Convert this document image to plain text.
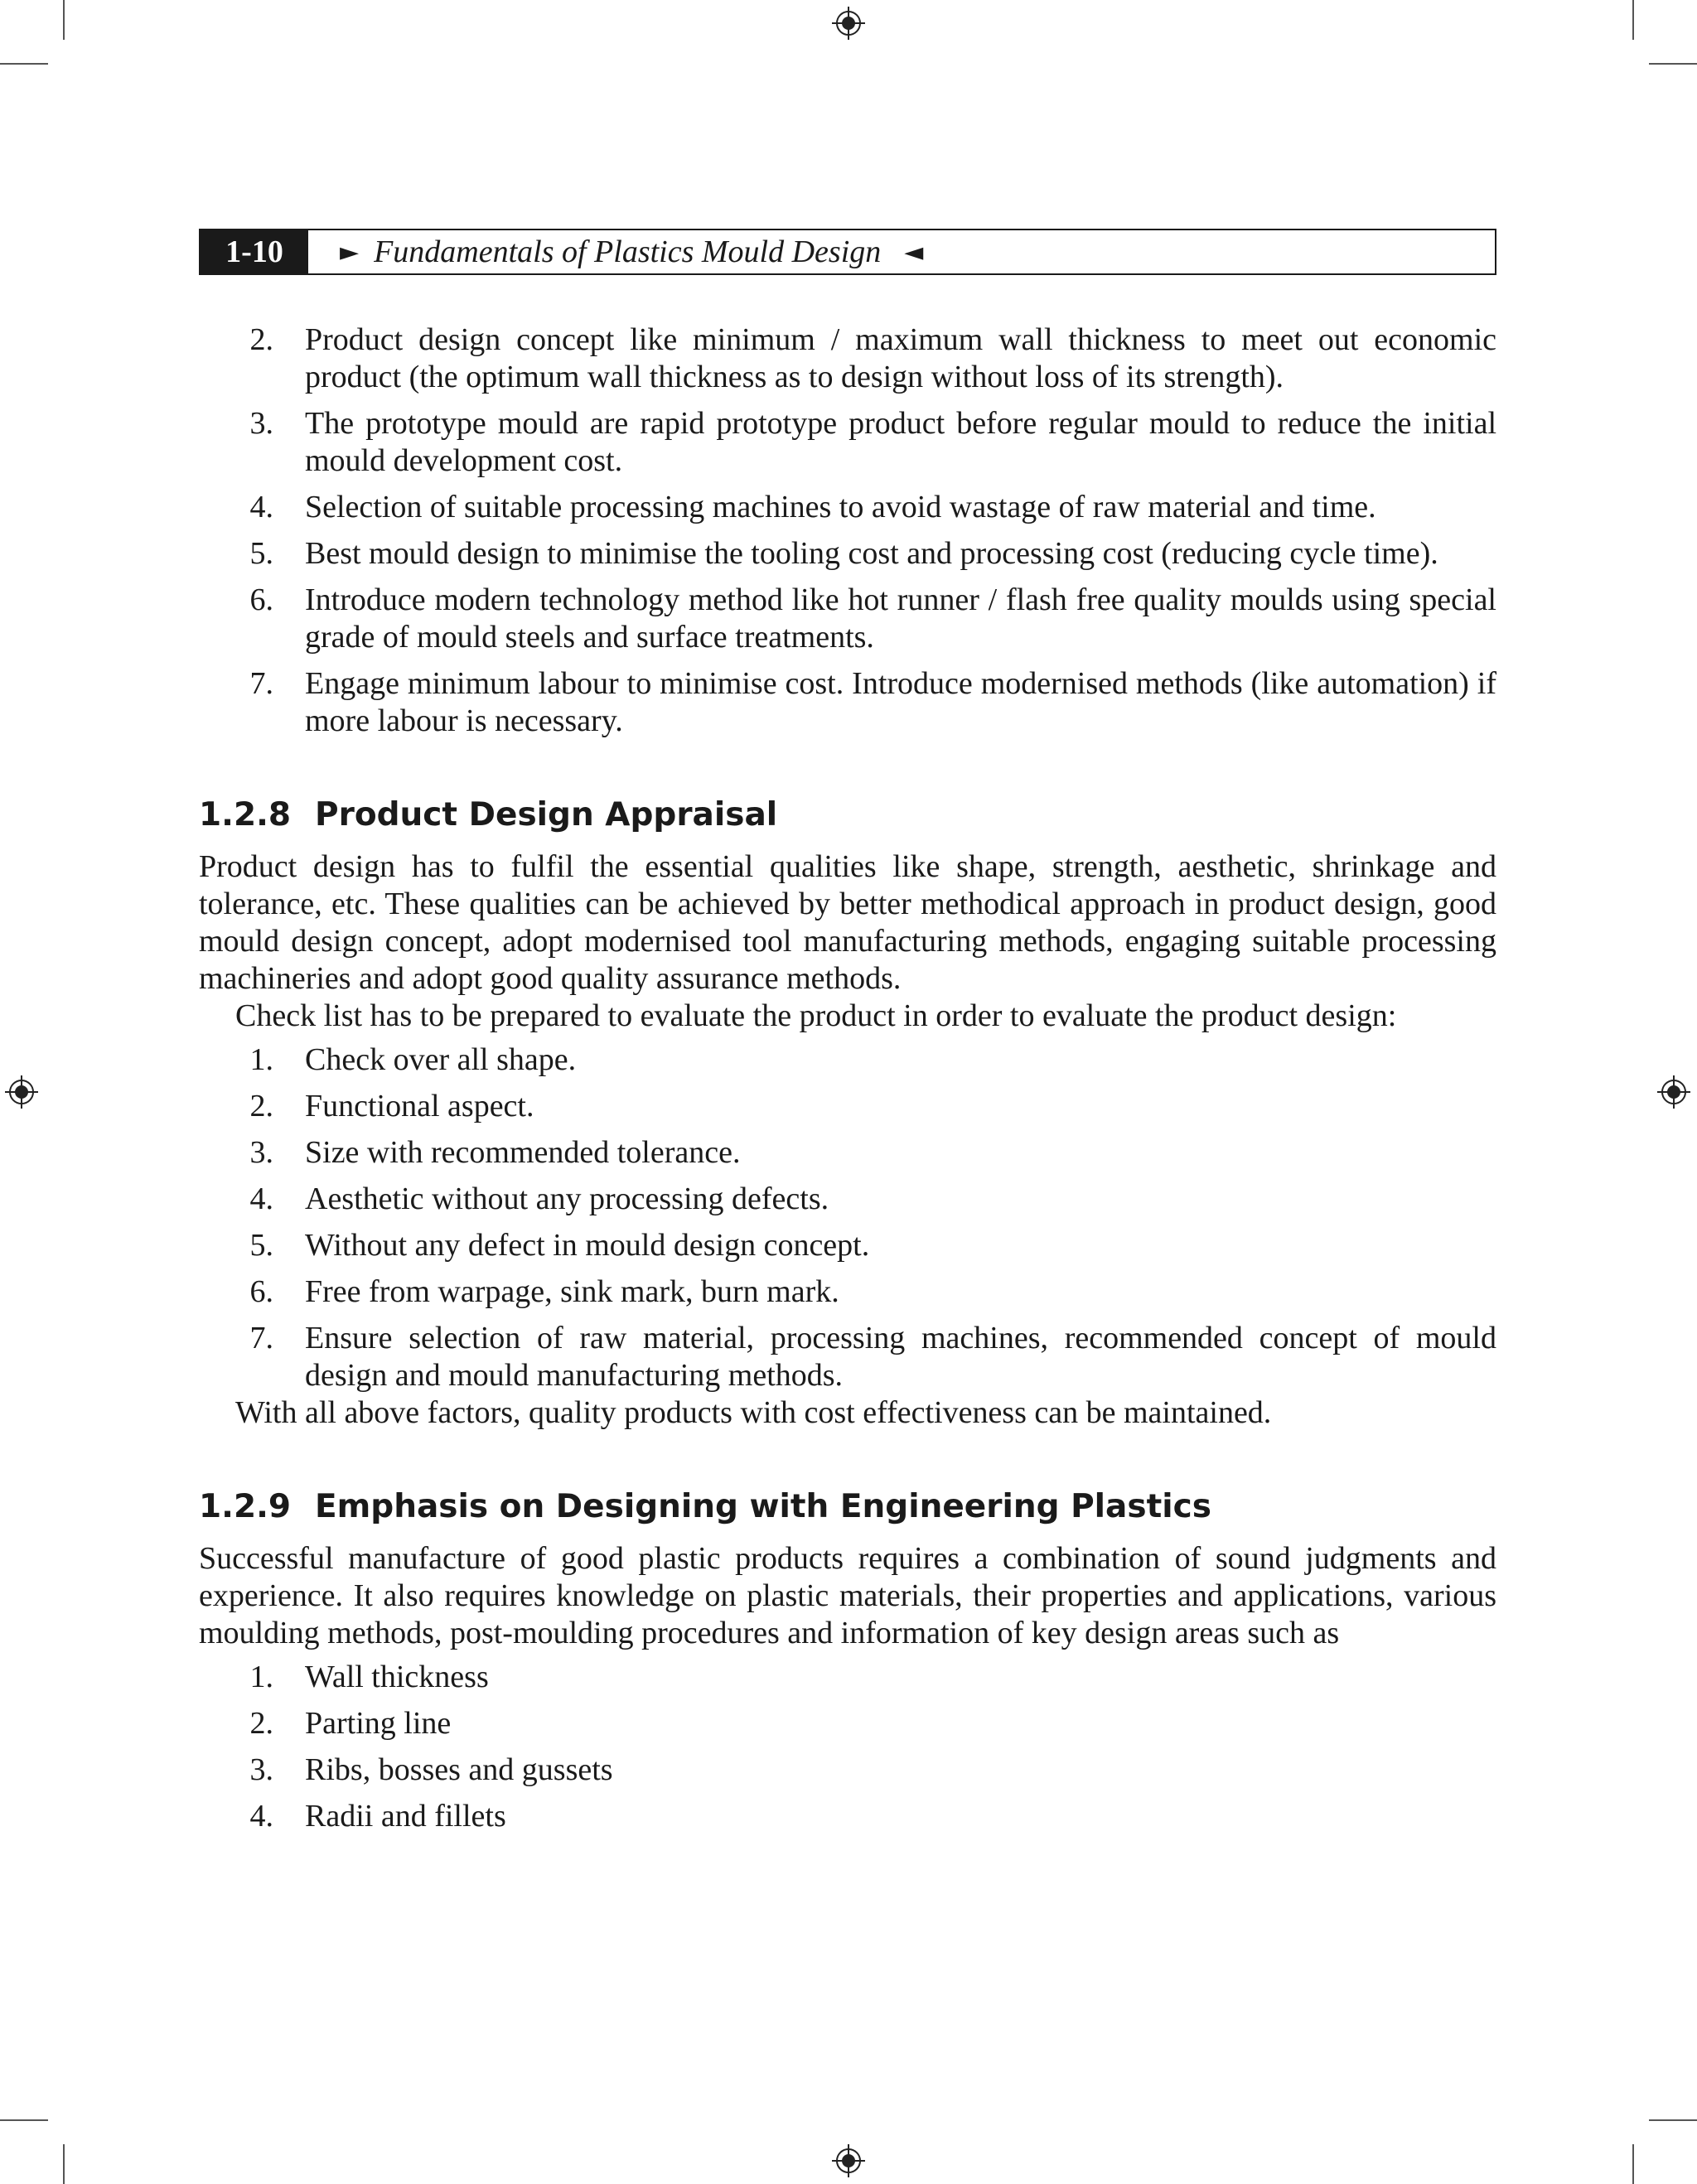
1-10	► Fundamentals of Plastics Mould Design ◄
2.	Product design concept like minimum / maximum wall thickness to meet out economic product (the optimum wall thickness as to design without loss of its strength).
3.	The prototype mould are rapid prototype product before regular mould to reduce the initial mould development cost.
4.	Selection of suitable processing machines to avoid wastage of raw material and time.
5.	Best mould design to minimise the tooling cost and processing cost (reducing cycle time).
6.	Introduce modern technology method like hot runner / flash free quality moulds using special grade of mould steels and surface treatments.
7.	Engage minimum labour to minimise cost. Introduce modernised methods (like automation) if more labour is necessary.
1.2.8 Product Design Appraisal

Product design has to fulfil the essential qualities like shape, strength, aesthetic, shrinkage and tolerance, etc. These qualities can be achieved by better methodical approach in product design, good mould design concept, adopt modernised tool manufacturing methods, engaging suitable processing machineries and adopt good quality assurance methods.

Check list has to be prepared to evaluate the product in order to evaluate the product design:

1.	Check over all shape.
2.	Functional aspect.
3.	Size with recommended tolerance.
4.	Aesthetic without any processing defects.
5.	Without any defect in mould design concept.
6.	Free from warpage, sink mark, burn mark.
7.	Ensure selection of raw material, processing machines, recommended concept of mould design and mould manufacturing methods.

With all above factors, quality products with cost effectiveness can be maintained.

1.2.9 Emphasis on Designing with Engineering Plastics

Successful manufacture of good plastic products requires a combination of sound judgments and experience. It also requires knowledge on plastic materials, their properties and applications, various moulding methods, post-moulding procedures and information of key design areas such as

1.	Wall thickness
2.	Parting line
3.	Ribs, bosses and gussets
4.	Radii and fillets
